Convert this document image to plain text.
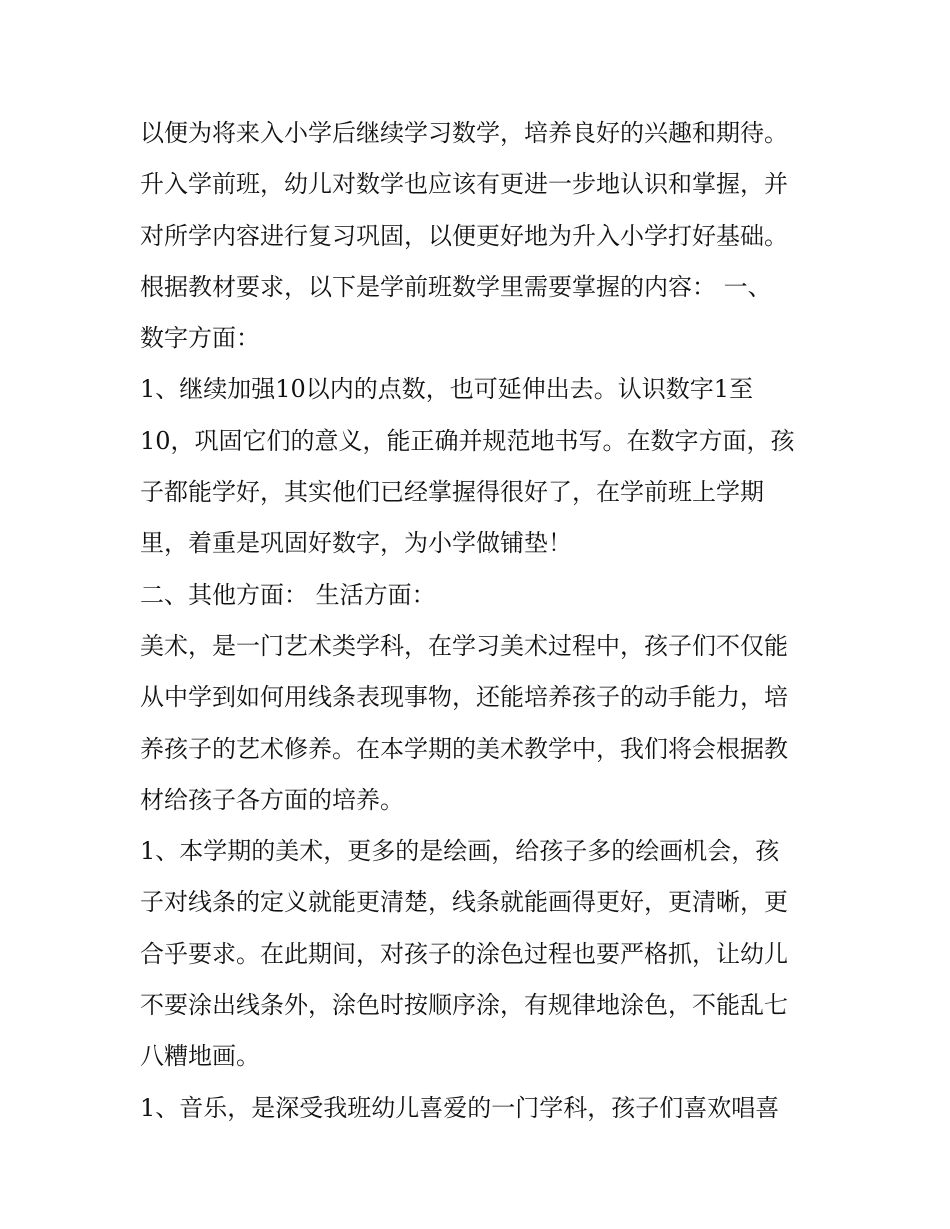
以便为将来入小学后继续学习数学，培养良好的兴趣和期待。
升入学前班，幼儿对数学也应该有更进一步地认识和掌握，并
对所学内容进行复习巩固，以便更好地为升入小学打好基础。
根据教材要求，以下是学前班数学里需要掌握的内容： 一、
数字方面：
1、继续加强10以内的点数，也可延伸出去。认识数字1至
10，巩固它们的意义，能正确并规范地书写。在数字方面，孩
子都能学好，其实他们已经掌握得很好了，在学前班上学期
里，着重是巩固好数字，为小学做铺垫！
二、其他方面： 生活方面：
美术，是一门艺术类学科，在学习美术过程中，孩子们不仅能
从中学到如何用线条表现事物，还能培养孩子的动手能力，培
养孩子的艺术修养。在本学期的美术教学中，我们将会根据教
材给孩子各方面的培养。
1、本学期的美术，更多的是绘画，给孩子多的绘画机会，孩
子对线条的定义就能更清楚，线条就能画得更好，更清晰，更
合乎要求。在此期间，对孩子的涂色过程也要严格抓，让幼儿
不要涂出线条外，涂色时按顺序涂，有规律地涂色，不能乱七
八糟地画。
1、音乐，是深受我班幼儿喜爱的一门学科，孩子们喜欢唱喜
